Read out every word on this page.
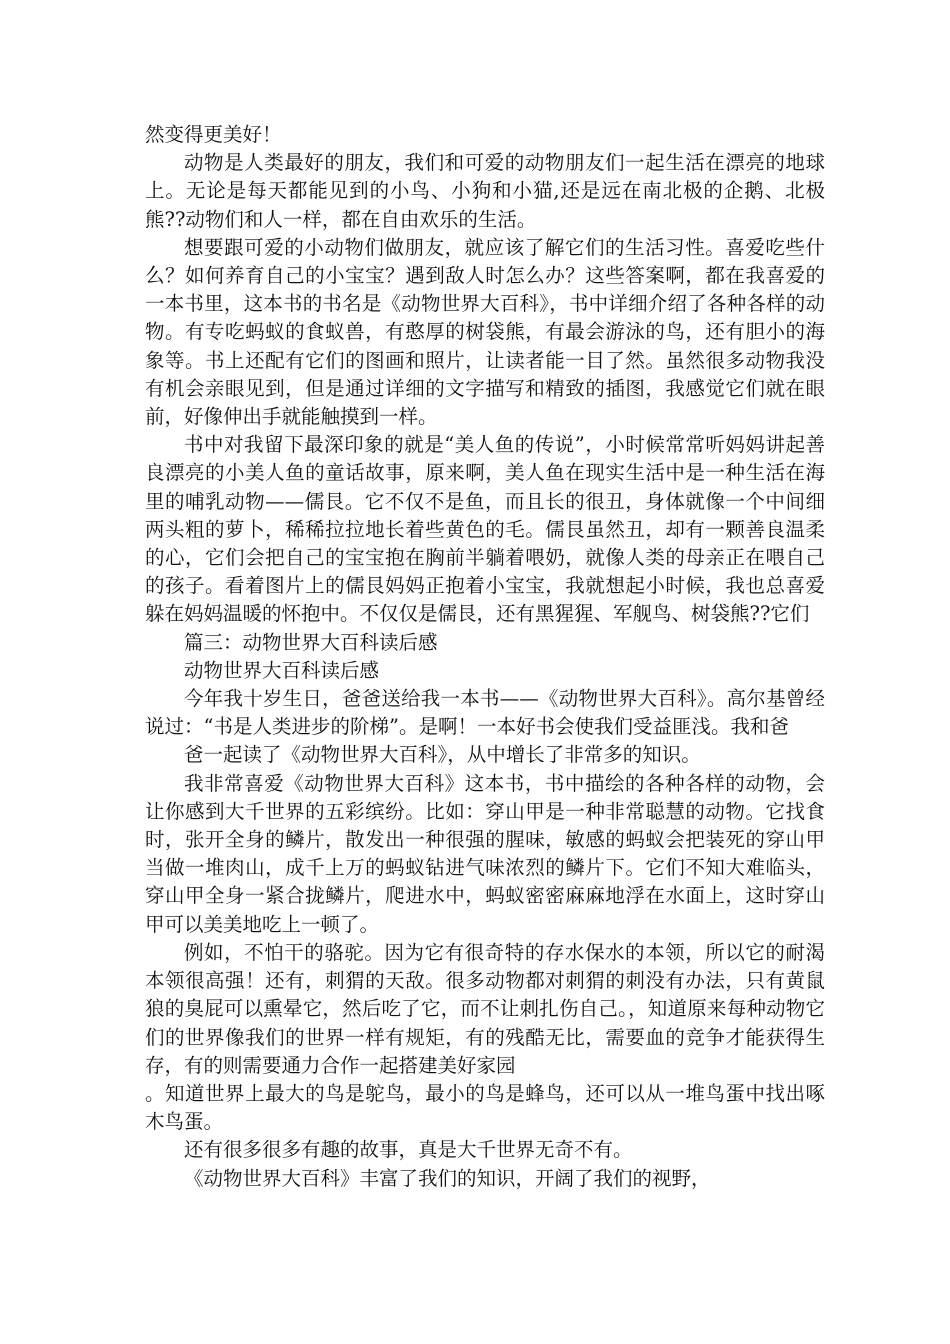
然变得更美好！

动物是人类最好的朋友，我们和可爱的动物朋友们一起生活在漂亮的地球上。无论是每天都能见到的小鸟、小狗和小猫,还是远在南北极的企鹅、北极熊??动物们和人一样，都在自由欢乐的生活。

想要跟可爱的小动物们做朋友，就应该了解它们的生活习性。喜爱吃些什么？如何养育自己的小宝宝？遇到敌人时怎么办？这些答案啊，都在我喜爱的一本书里，这本书的书名是《动物世界大百科》，书中详细介绍了各种各样的动物。有专吃蚂蚁的食蚁兽，有憨厚的树袋熊，有最会游泳的鸟，还有胆小的海象等。书上还配有它们的图画和照片，让读者能一目了然。虽然很多动物我没有机会亲眼见到，但是通过详细的文字描写和精致的插图，我感觉它们就在眼前，好像伸出手就能触摸到一样。

书中对我留下最深印象的就是“美人鱼的传说”，小时候常常听妈妈讲起善良漂亮的小美人鱼的童话故事，原来啊，美人鱼在现实生活中是一种生活在海里的哺乳动物——儒艮。它不仅不是鱼，而且长的很丑，身体就像一个中间细两头粗的萝卜，稀稀拉拉地长着些黄色的毛。儒艮虽然丑，却有一颗善良温柔的心，它们会把自己的宝宝抱在胸前半躺着喂奶，就像人类的母亲正在喂自己的孩子。看着图片上的儒艮妈妈正抱着小宝宝，我就想起小时候，我也总喜爱躲在妈妈温暖的怀抱中。不仅仅是儒艮，还有黑猩猩、军舰鸟、树袋熊??它们

篇三：动物世界大百科读后感

动物世界大百科读后感

今年我十岁生日，爸爸送给我一本书——《动物世界大百科》。高尔基曾经说过：“书是人类进步的阶梯”。是啊！一本好书会使我们受益匪浅。我和爸

爸一起读了《动物世界大百科》，从中增长了非常多的知识。

我非常喜爱《动物世界大百科》这本书，书中描绘的各种各样的动物，会让你感到大千世界的五彩缤纷。比如：穿山甲是一种非常聪慧的动物。它找食时，张开全身的鳞片，散发出一种很强的腥味，敏感的蚂蚁会把装死的穿山甲当做一堆肉山，成千上万的蚂蚁钻进气味浓烈的鳞片下。它们不知大难临头，穿山甲全身一紧合拢鳞片，爬进水中，蚂蚁密密麻麻地浮在水面上，这时穿山甲可以美美地吃上一顿了。

例如，不怕干的骆驼。因为它有很奇特的存水保水的本领，所以它的耐渴本领很高强！还有，刺猬的天敌。很多动物都对刺猬的刺没有办法，只有黄鼠狼的臭屁可以熏晕它，然后吃了它，而不让刺扎伤自己。，知道原来每种动物它们的世界像我们的世界一样有规矩，有的残酷无比，需要血的竞争才能获得生存，有的则需要通力合作一起搭建美好家园

。知道世界上最大的鸟是鸵鸟，最小的鸟是蜂鸟，还可以从一堆鸟蛋中找出啄木鸟蛋。

还有很多很多有趣的故事，真是大千世界无奇不有。

《动物世界大百科》丰富了我们的知识，开阔了我们的视野，
